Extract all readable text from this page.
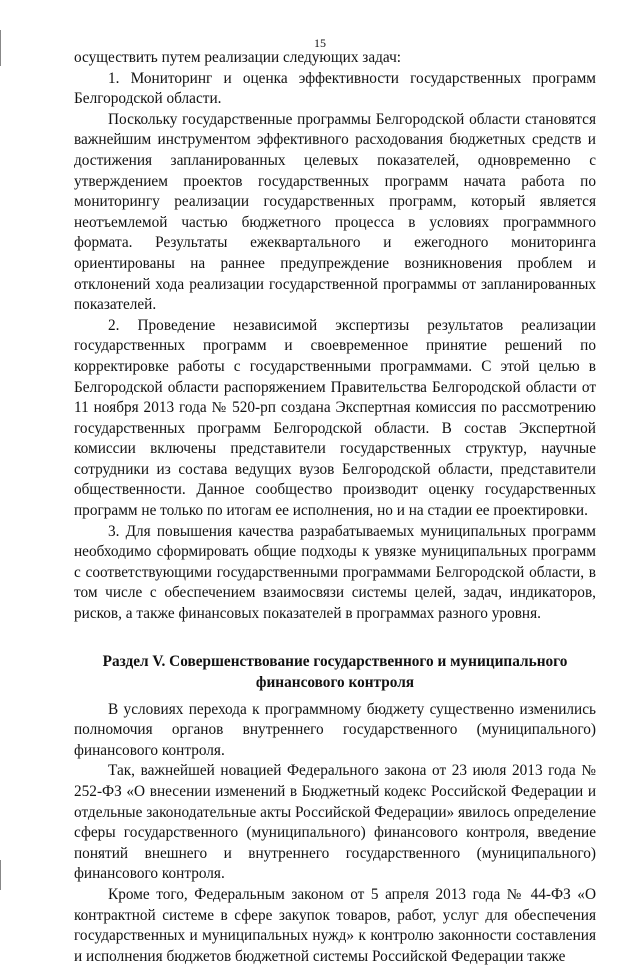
15

осуществить путем реализации следующих задач:

1. Мониторинг и оценка эффективности государственных программ Белгородской области.

Поскольку государственные программы Белгородской области становятся важнейшим инструментом эффективного расходования бюджетных средств и достижения запланированных целевых показателей, одновременно с утверждением проектов государственных программ начата работа по мониторингу реализации государственных программ, который является неотъемлемой частью бюджетного процесса в условиях программного формата. Результаты ежеквартального и ежегодного мониторинга ориентированы на раннее предупреждение возникновения проблем и отклонений хода реализации государственной программы от запланированных показателей.

2. Проведение независимой экспертизы результатов реализации государственных программ и своевременное принятие решений по корректировке работы с государственными программами. С этой целью в Белгородской области распоряжением Правительства Белгородской области от 11 ноября 2013 года № 520-рп создана Экспертная комиссия по рассмотрению государственных программ Белгородской области. В состав Экспертной комиссии включены представители государственных структур, научные сотрудники из состава ведущих вузов Белгородской области, представители общественности. Данное сообщество производит оценку государственных программ не только по итогам ее исполнения, но и на стадии ее проектировки.

3. Для повышения качества разрабатываемых муниципальных программ необходимо сформировать общие подходы к увязке муниципальных программ с соответствующими государственными программами Белгородской области, в том числе с обеспечением взаимосвязи системы целей, задач, индикаторов, рисков, а также финансовых показателей в программах разного уровня.

Раздел V. Совершенствование государственного и муниципального
финансового контроля

В условиях перехода к программному бюджету существенно изменились полномочия органов внутреннего государственного (муниципального) финансового контроля.

Так, важнейшей новацией Федерального закона от 23 июля 2013 года № 252-ФЗ «О внесении изменений в Бюджетный кодекс Российской Федерации и отдельные законодательные акты Российской Федерации» явилось определение сферы государственного (муниципального) финансового контроля, введение понятий внешнего и внутреннего государственного (муниципального) финансового контроля.

Кроме того, Федеральным законом от 5 апреля 2013 года № 44-ФЗ «О контрактной системе в сфере закупок товаров, работ, услуг для обеспечения государственных и муниципальных нужд» к контролю законности составления и исполнения бюджетов бюджетной системы Российской Федерации также
